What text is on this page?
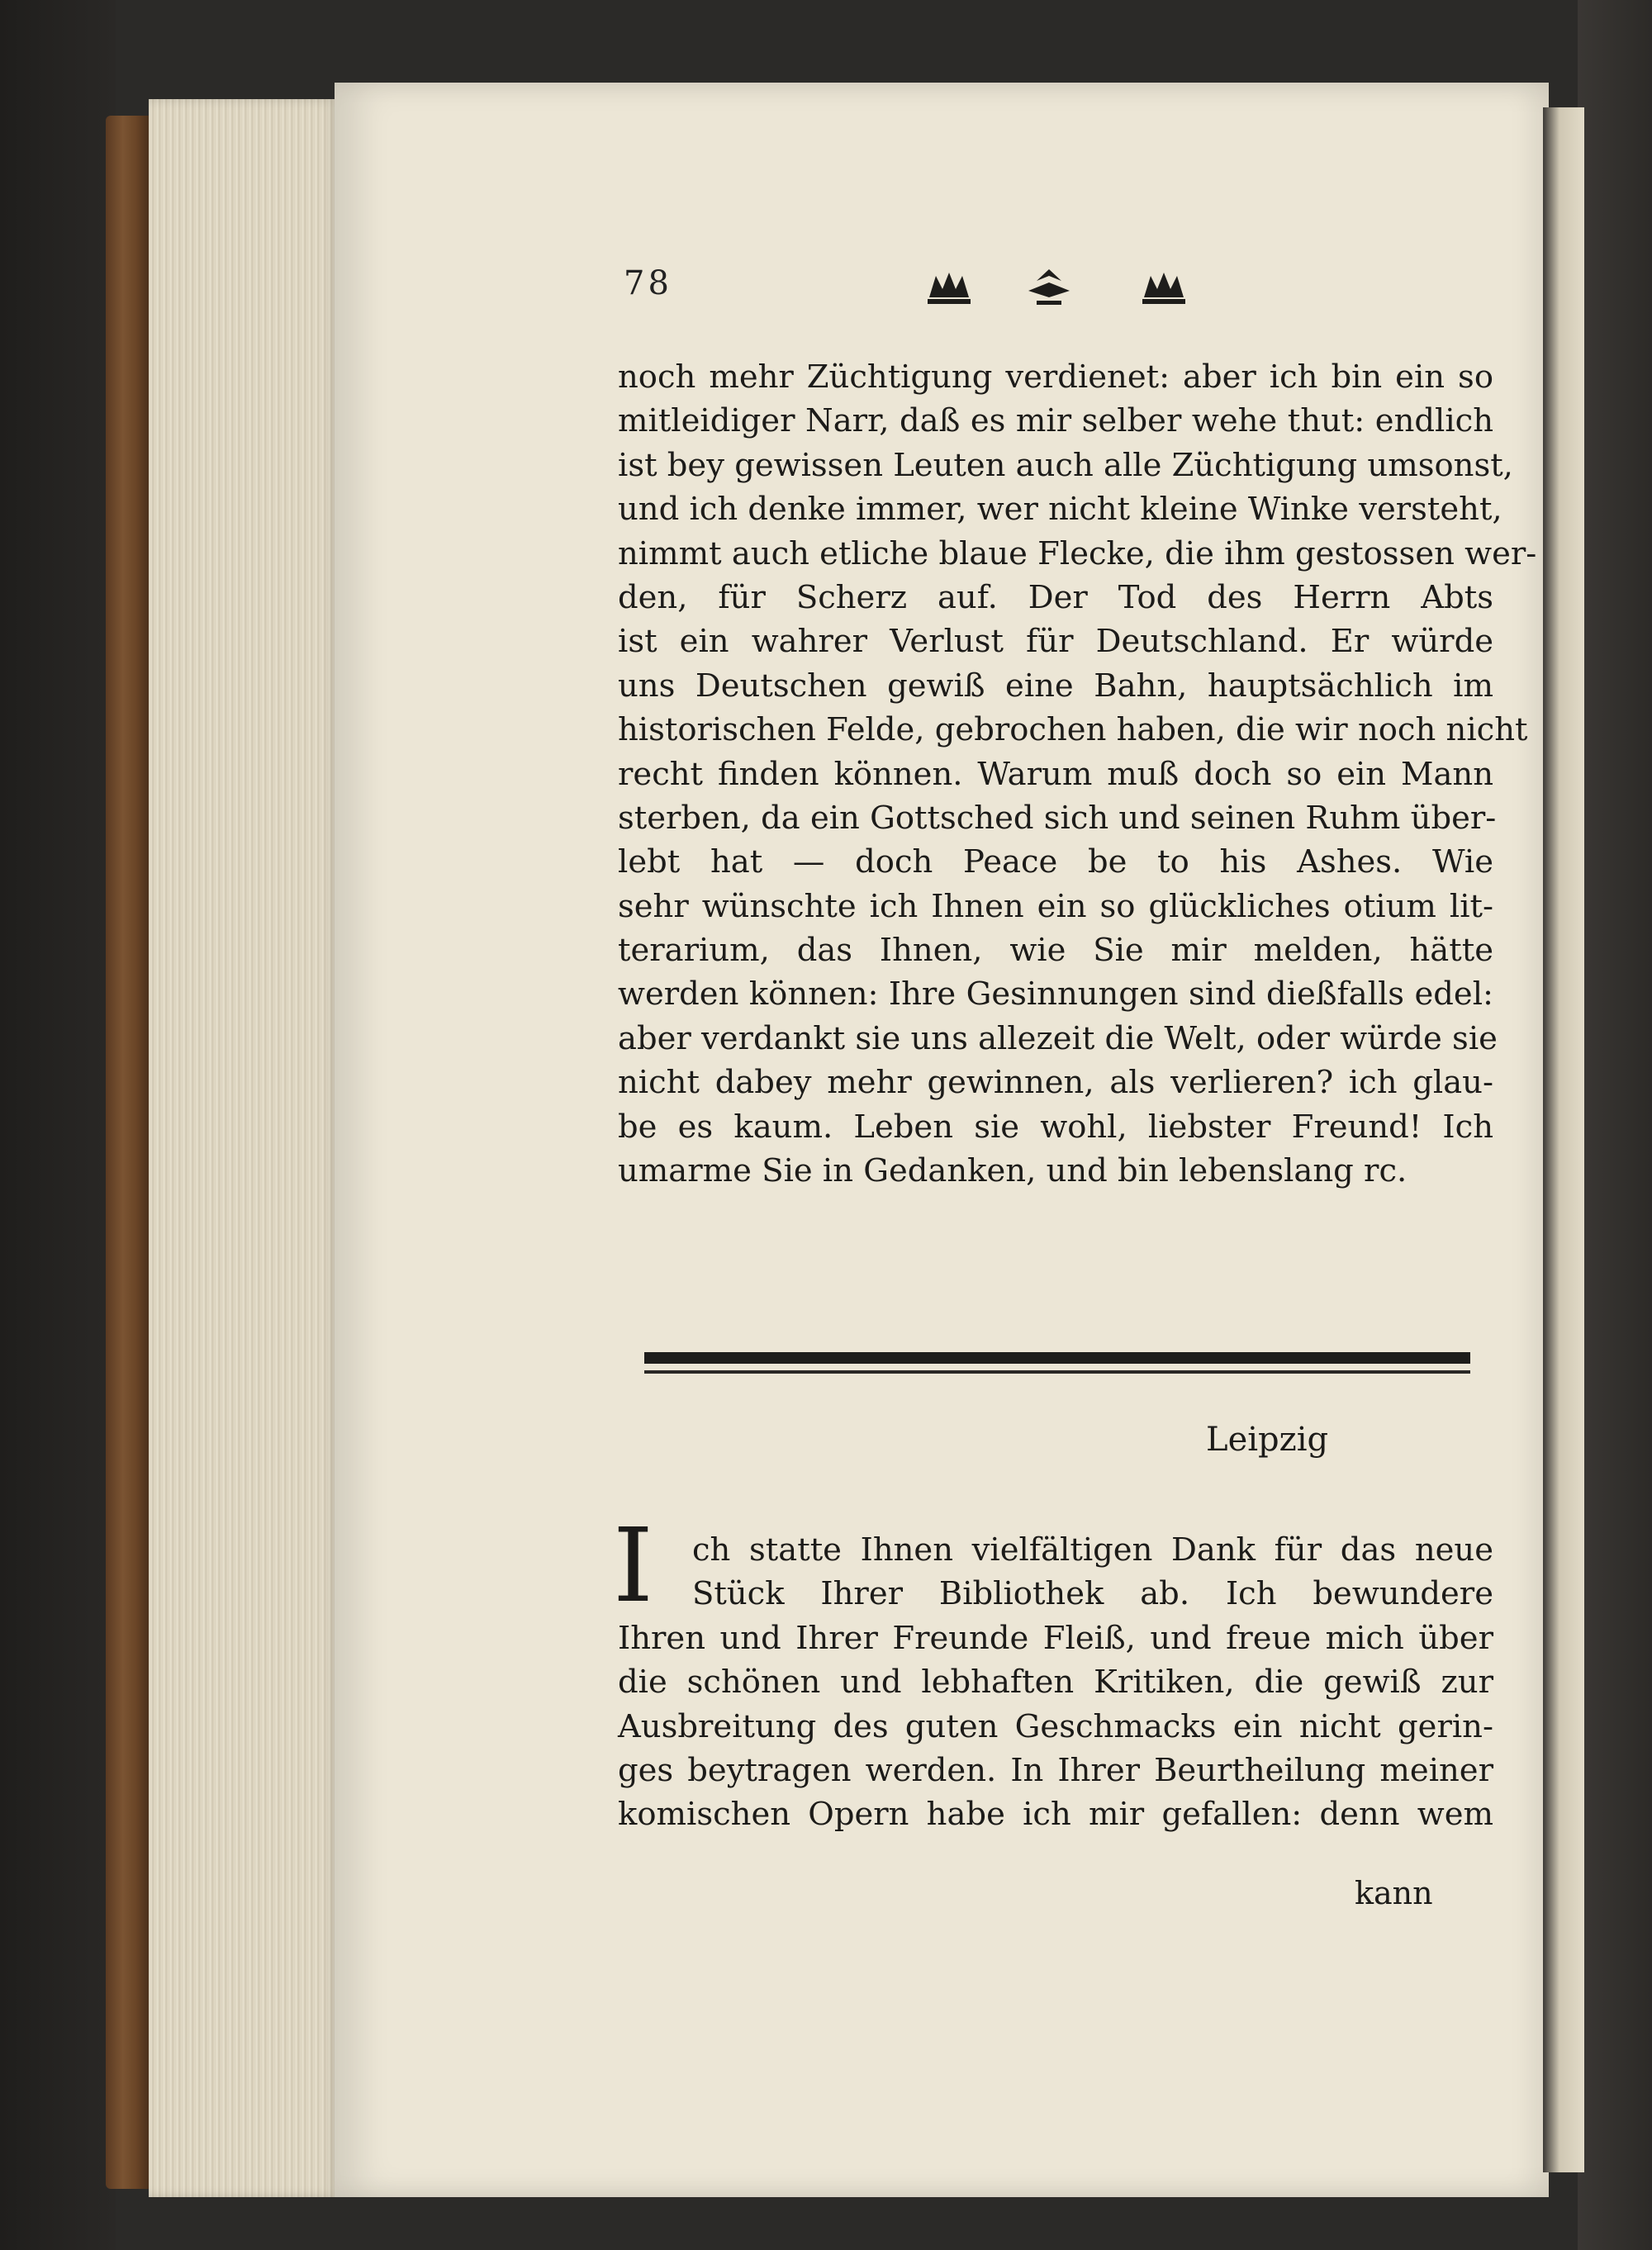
78
noch mehr Züchtigung verdienet: aber ich bin ein so
mitleidiger Narr, daß es mir selber wehe thut: endlich
ist bey gewissen Leuten auch alle Züchtigung umsonst,
und ich denke immer, wer nicht kleine Winke versteht,
nimmt auch etliche blaue Flecke, die ihm gestossen wer-
den, für Scherz auf. Der Tod des Herrn Abts
ist ein wahrer Verlust für Deutschland. Er würde
uns Deutschen gewiß eine Bahn, hauptsächlich im
historischen Felde, gebrochen haben, die wir noch nicht
recht finden können. Warum muß doch so ein Mann
sterben, da ein Gottsched sich und seinen Ruhm über-
lebt hat — doch Peace be to his Ashes. Wie
sehr wünschte ich Ihnen ein so glückliches otium lit-
terarium, das Ihnen, wie Sie mir melden, hätte
werden können: Ihre Gesinnungen sind dießfalls edel:
aber verdankt sie uns allezeit die Welt, oder würde sie
nicht dabey mehr gewinnen, als verlieren? ich glau-
be es kaum. Leben sie wohl, liebster Freund! Ich
umarme Sie in Gedanken, und bin lebenslang rc.
Leipzig
I	ch statte Ihnen vielfältigen Dank für das neue
Stück Ihrer Bibliothek ab. Ich bewundere
Ihren und Ihrer Freunde Fleiß, und freue mich über
die schönen und lebhaften Kritiken, die gewiß zur
Ausbreitung des guten Geschmacks ein nicht gerin-
ges beytragen werden. In Ihrer Beurtheilung meiner
komischen Opern habe ich mir gefallen: denn wem
kann
